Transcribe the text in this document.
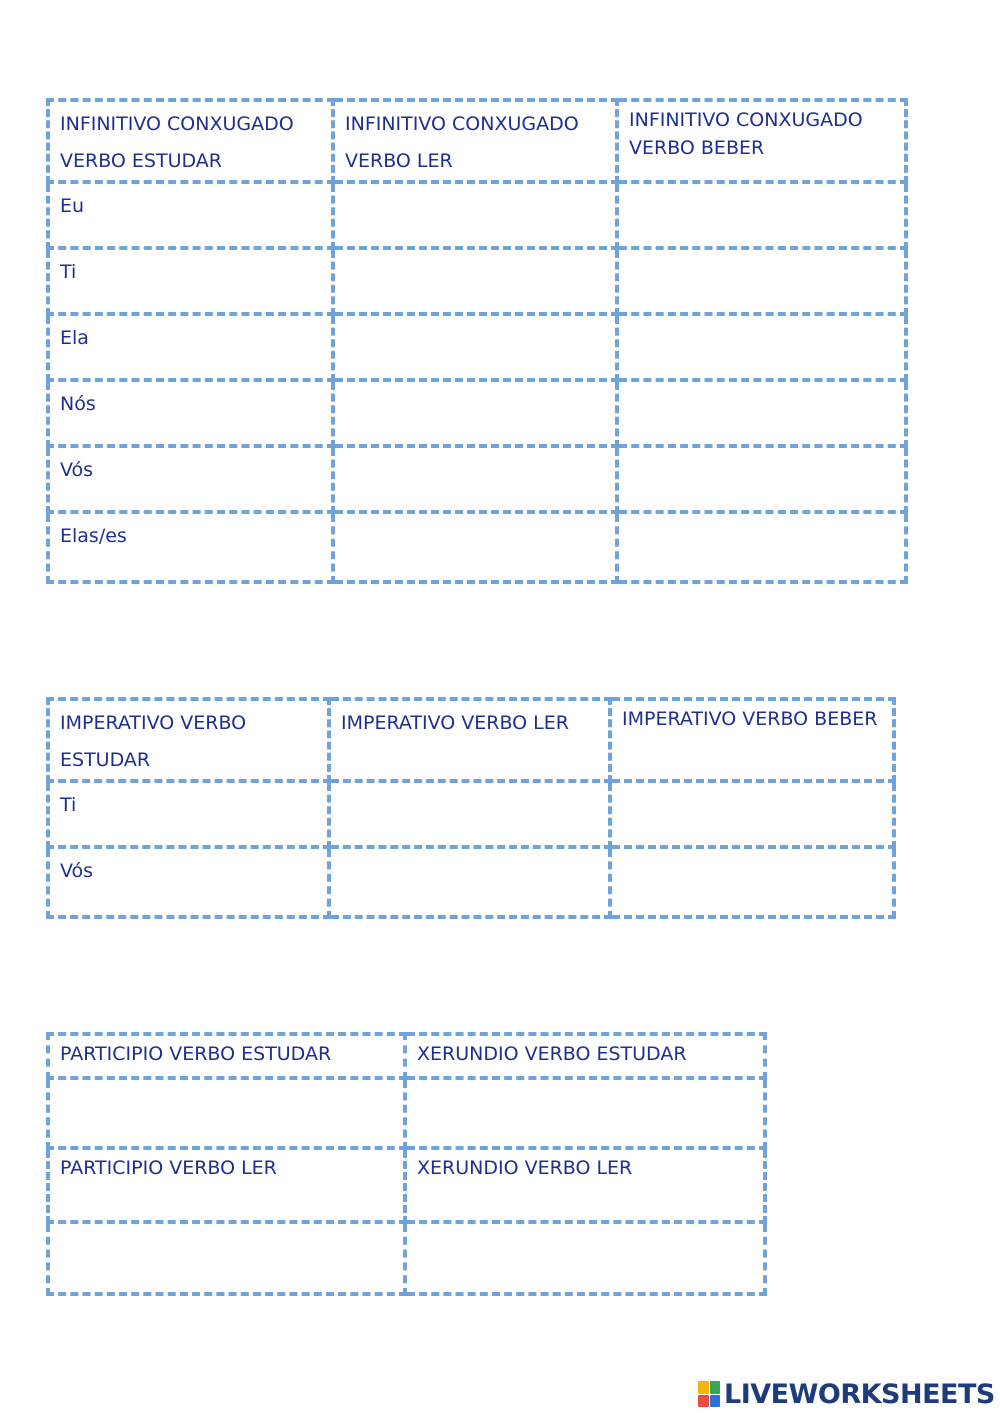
INFINITIVO CONXUGADO VERBO ESTUDAR	INFINITIVO CONXUGADO VERBO LER	INFINITIVO CONXUGADO VERBO BEBER
Eu		
Ti		
Ela		
Nós		
Vós		
Elas/es		
IMPERATIVO VERBO ESTUDAR	IMPERATIVO VERBO LER	IMPERATIVO VERBO BEBER
Ti		
Vós		
PARTICIPIO VERBO ESTUDAR	XERUNDIO VERBO ESTUDAR

PARTICIPIO VERBO LER	XERUNDIO VERBO LER

LIVEWORKSHEETS
